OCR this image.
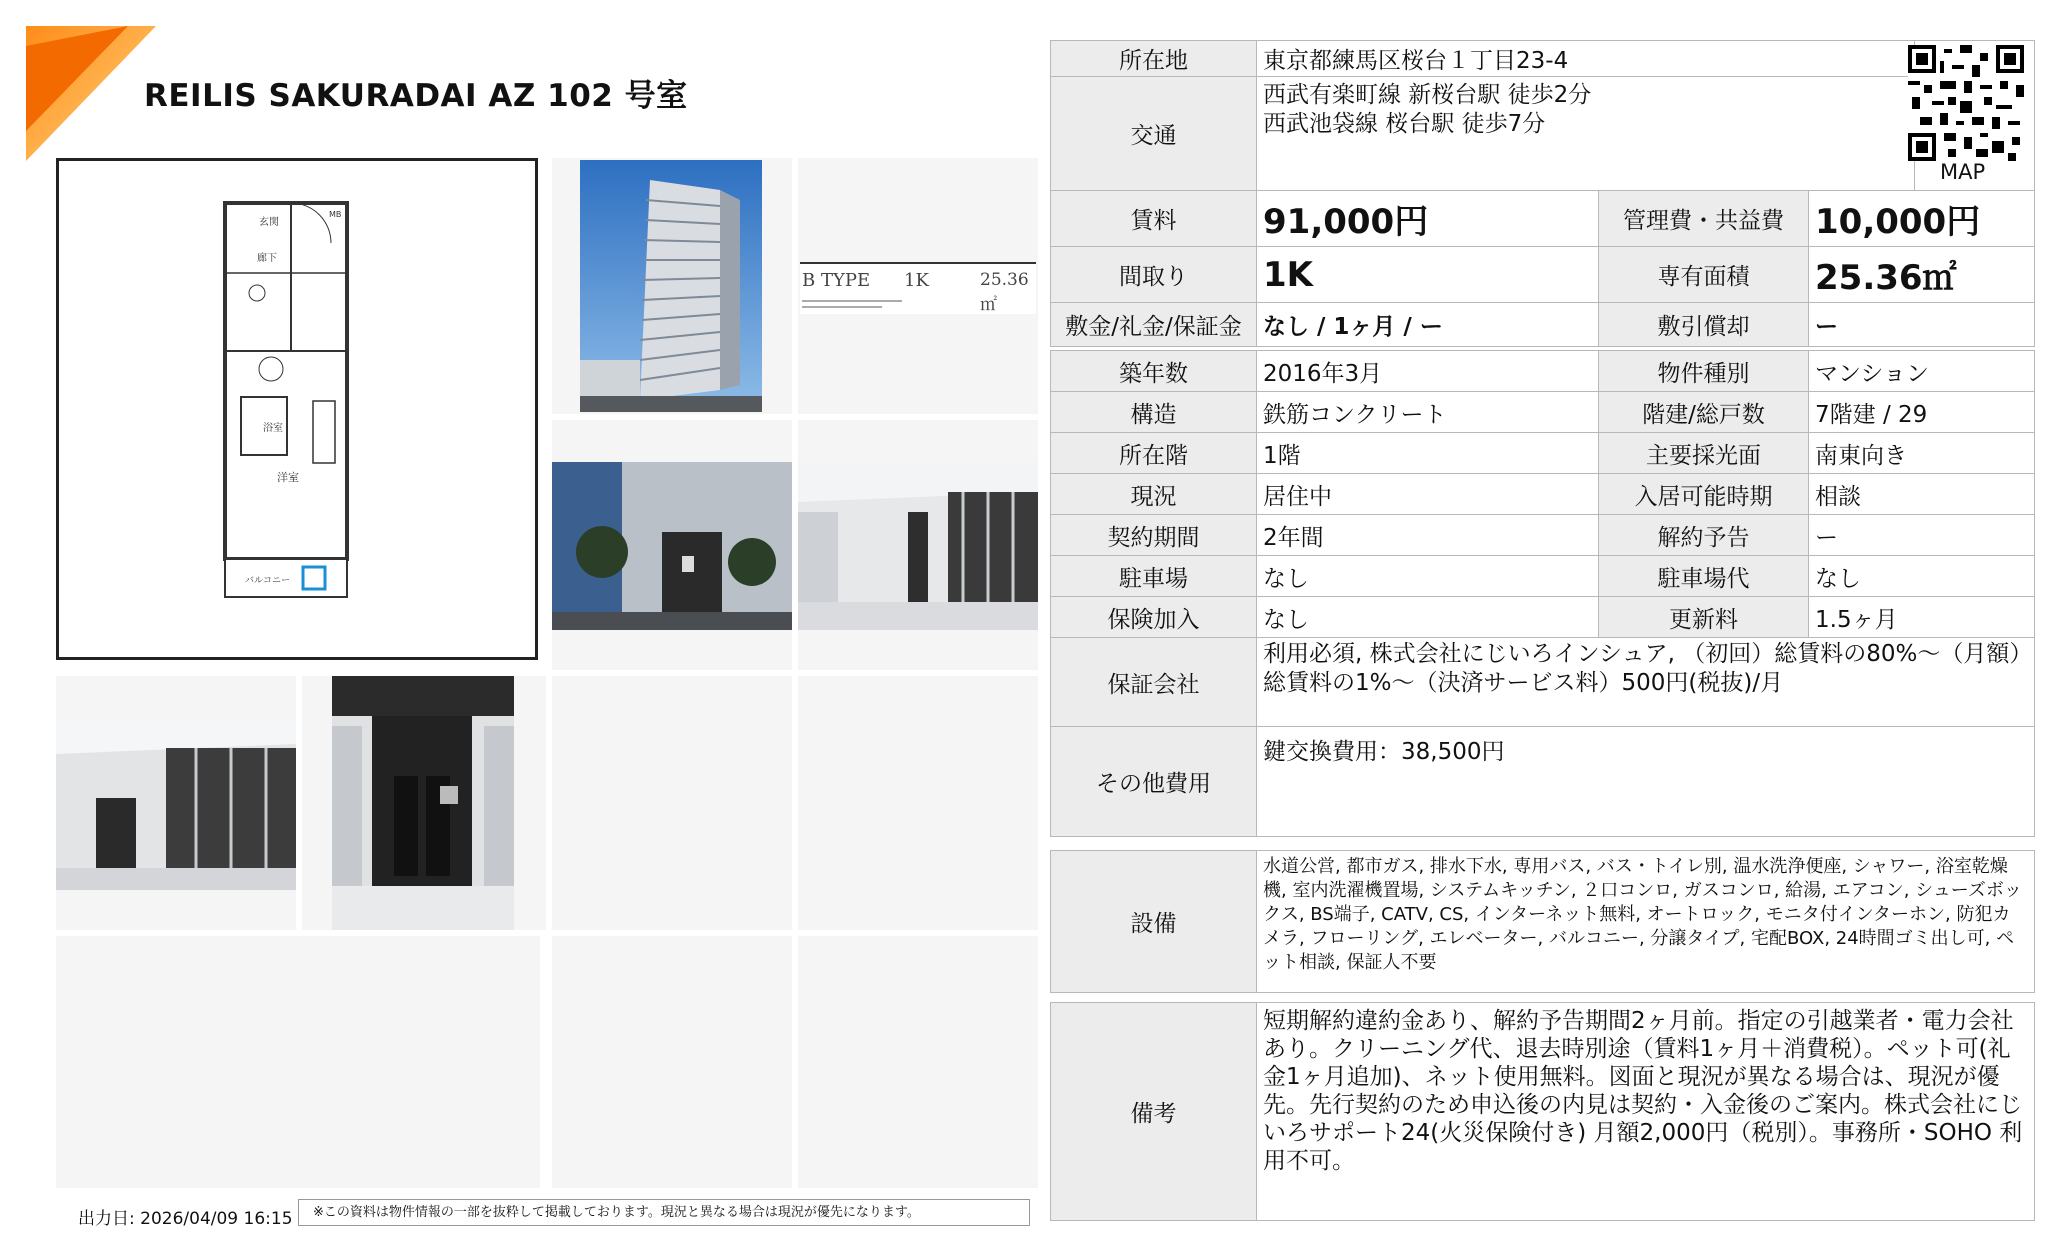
REILIS SAKURADAI AZ 102 号室
玄関
廊下
浴室
洋室
バルコニー
MB
B TYPE 1K	25.36㎡
所在地	東京都練馬区桜台１丁目23-4	
交通	西武有楽町線 新桜台駅 徒歩2分
西武池袋線 桜台駅 徒歩7分	
MAP
賃料	91,000円	管理費・共益費	10,000円
間取り	1K	専有面積	25.36㎡
敷金/礼金/保証金	なし / 1ヶ月 / ー	敷引償却	ー
築年数	2016年3月	物件種別	マンション
構造	鉄筋コンクリート	階建/総戸数	7階建 / 29
所在階	1階	主要採光面	南東向き
現況	居住中	入居可能時期	相談
契約期間	2年間	解約予告	ー
駐車場	なし	駐車場代	なし
保険加入	なし	更新料	1.5ヶ月
保証会社	利用必須, 株式会社にじいろインシュア, （初回）総賃料の80%〜（月額）総賃料の1%〜（決済サービス料）500円(税抜)/月		
その他費用	鍵交換費用：38,500円		
設備	水道公営, 都市ガス, 排水下水, 専用バス, バス・トイレ別, 温水洗浄便座, シャワー, 浴室乾燥機, 室内洗濯機置場, システムキッチン, ２口コンロ, ガスコンロ, 給湯, エアコン, シューズボックス, BS端子, CATV, CS, インターネット無料, オートロック, モニタ付インターホン, 防犯カメラ, フローリング, エレベーター, バルコニー, 分譲タイプ, 宅配BOX, 24時間ゴミ出し可, ペット相談, 保証人不要
備考	短期解約違約金あり、解約予告期間2ヶ月前。指定の引越業者・電力会社あり。クリーニング代、退去時別途（賃料1ヶ月＋消費税）。ペット可(礼金1ヶ月追加)、ネット使用無料。図面と現況が異なる場合は、現況が優先。先行契約のため申込後の内見は契約・入金後のご案内。株式会社にじいろサポート24(火災保険付き) 月額2,000円（税別）。事務所・SOHO 利用不可。
出力日: 2026/04/09 16:15	※この資料は物件情報の一部を抜粋して掲載しております。現況と異なる場合は現況が優先になります。
